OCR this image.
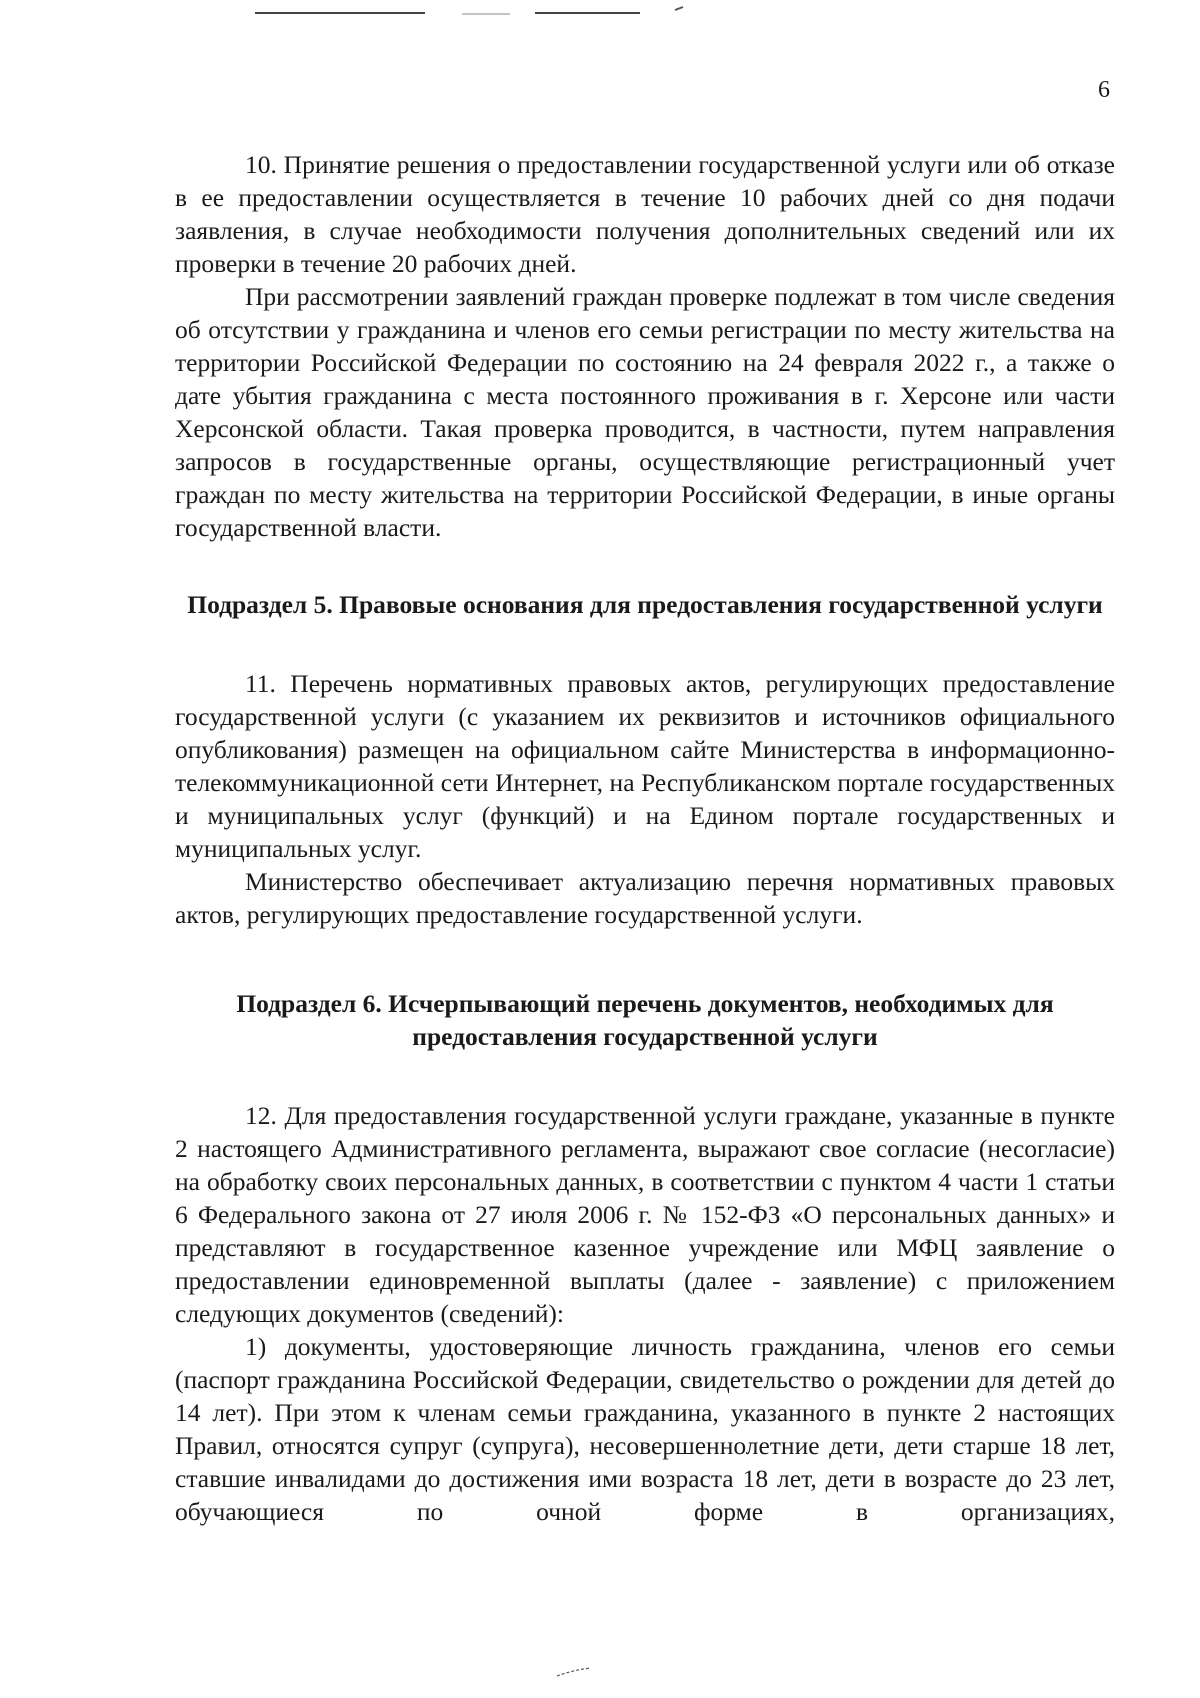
6

10. Принятие решения о предоставлении государственной услуги или об отказе в ее предоставлении осуществляется в течение 10 рабочих дней со дня подачи заявления, в случае необходимости получения дополнительных сведений или их проверки в течение 20 рабочих дней.

При рассмотрении заявлений граждан проверке подлежат в том числе сведения об отсутствии у гражданина и членов его семьи регистрации по месту жительства на территории Российской Федерации по состоянию на 24 февраля 2022 г., а также о дате убытия гражданина с места постоянного проживания в г. Херсоне или части Херсонской области. Такая проверка проводится, в частности, путем направления запросов в государственные органы, осуществляющие регистрационный учет граждан по месту жительства на территории Российской Федерации, в иные органы государственной власти.

Подраздел 5. Правовые основания для предоставления государственной услуги

11. Перечень нормативных правовых актов, регулирующих предоставление государственной услуги (с указанием их реквизитов и источников официального опубликования) размещен на официальном сайте Министерства в информационно-телекоммуникационной сети Интернет, на Республиканском портале государственных и муниципальных услуг (функций) и на Едином портале государственных и муниципальных услуг.

Министерство обеспечивает актуализацию перечня нормативных правовых актов, регулирующих предоставление государственной услуги.

Подраздел 6. Исчерпывающий перечень документов, необходимых для предоставления государственной услуги

12. Для предоставления государственной услуги граждане, указанные в пункте 2 настоящего Административного регламента, выражают свое согласие (несогласие) на обработку своих персональных данных, в соответствии с пунктом 4 части 1 статьи 6 Федерального закона от 27 июля 2006 г. № 152-ФЗ «О персональных данных» и представляют в государственное казенное учреждение или МФЦ заявление о предоставлении единовременной выплаты (далее - заявление) с приложением следующих документов (сведений):

1) документы, удостоверяющие личность гражданина, членов его семьи (паспорт гражданина Российской Федерации, свидетельство о рождении для детей до 14 лет). При этом к членам семьи гражданина, указанного в пункте 2 настоящих Правил, относятся супруг (супруга), несовершеннолетние дети, дети старше 18 лет, ставшие инвалидами до достижения ими возраста 18 лет, дети в возрасте до 23 лет, обучающиеся по очной форме в организациях,
